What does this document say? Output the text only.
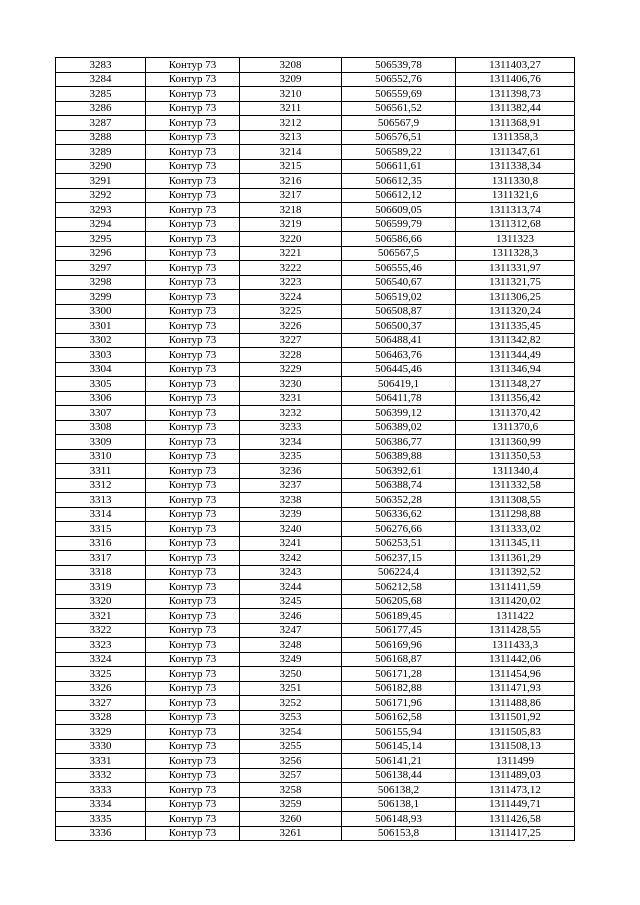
3283	Контур 73	3208	506539,78	1311403,27
3284	Контур 73	3209	506552,76	1311406,76
3285	Контур 73	3210	506559,69	1311398,73
3286	Контур 73	3211	506561,52	1311382,44
3287	Контур 73	3212	506567,9	1311368,91
3288	Контур 73	3213	506576,51	1311358,3
3289	Контур 73	3214	506589,22	1311347,61
3290	Контур 73	3215	506611,61	1311338,34
3291	Контур 73	3216	506612,35	1311330,8
3292	Контур 73	3217	506612,12	1311321,6
3293	Контур 73	3218	506609,05	1311313,74
3294	Контур 73	3219	506599,79	1311312,68
3295	Контур 73	3220	506586,66	1311323
3296	Контур 73	3221	506567,5	1311328,3
3297	Контур 73	3222	506555,46	1311331,97
3298	Контур 73	3223	506540,67	1311321,75
3299	Контур 73	3224	506519,02	1311306,25
3300	Контур 73	3225	506508,87	1311320,24
3301	Контур 73	3226	506500,37	1311335,45
3302	Контур 73	3227	506488,41	1311342,82
3303	Контур 73	3228	506463,76	1311344,49
3304	Контур 73	3229	506445,46	1311346,94
3305	Контур 73	3230	506419,1	1311348,27
3306	Контур 73	3231	506411,78	1311356,42
3307	Контур 73	3232	506399,12	1311370,42
3308	Контур 73	3233	506389,02	1311370,6
3309	Контур 73	3234	506386,77	1311360,99
3310	Контур 73	3235	506389,88	1311350,53
3311	Контур 73	3236	506392,61	1311340,4
3312	Контур 73	3237	506388,74	1311332,58
3313	Контур 73	3238	506352,28	1311308,55
3314	Контур 73	3239	506336,62	1311298,88
3315	Контур 73	3240	506276,66	1311333,02
3316	Контур 73	3241	506253,51	1311345,11
3317	Контур 73	3242	506237,15	1311361,29
3318	Контур 73	3243	506224,4	1311392,52
3319	Контур 73	3244	506212,58	1311411,59
3320	Контур 73	3245	506205,68	1311420,02
3321	Контур 73	3246	506189,45	1311422
3322	Контур 73	3247	506177,45	1311428,55
3323	Контур 73	3248	506169,96	1311433,3
3324	Контур 73	3249	506168,87	1311442,06
3325	Контур 73	3250	506171,28	1311454,96
3326	Контур 73	3251	506182,88	1311471,93
3327	Контур 73	3252	506171,96	1311488,86
3328	Контур 73	3253	506162,58	1311501,92
3329	Контур 73	3254	506155,94	1311505,83
3330	Контур 73	3255	506145,14	1311508,13
3331	Контур 73	3256	506141,21	1311499
3332	Контур 73	3257	506138,44	1311489,03
3333	Контур 73	3258	506138,2	1311473,12
3334	Контур 73	3259	506138,1	1311449,71
3335	Контур 73	3260	506148,93	1311426,58
3336	Контур 73	3261	506153,8	1311417,25
